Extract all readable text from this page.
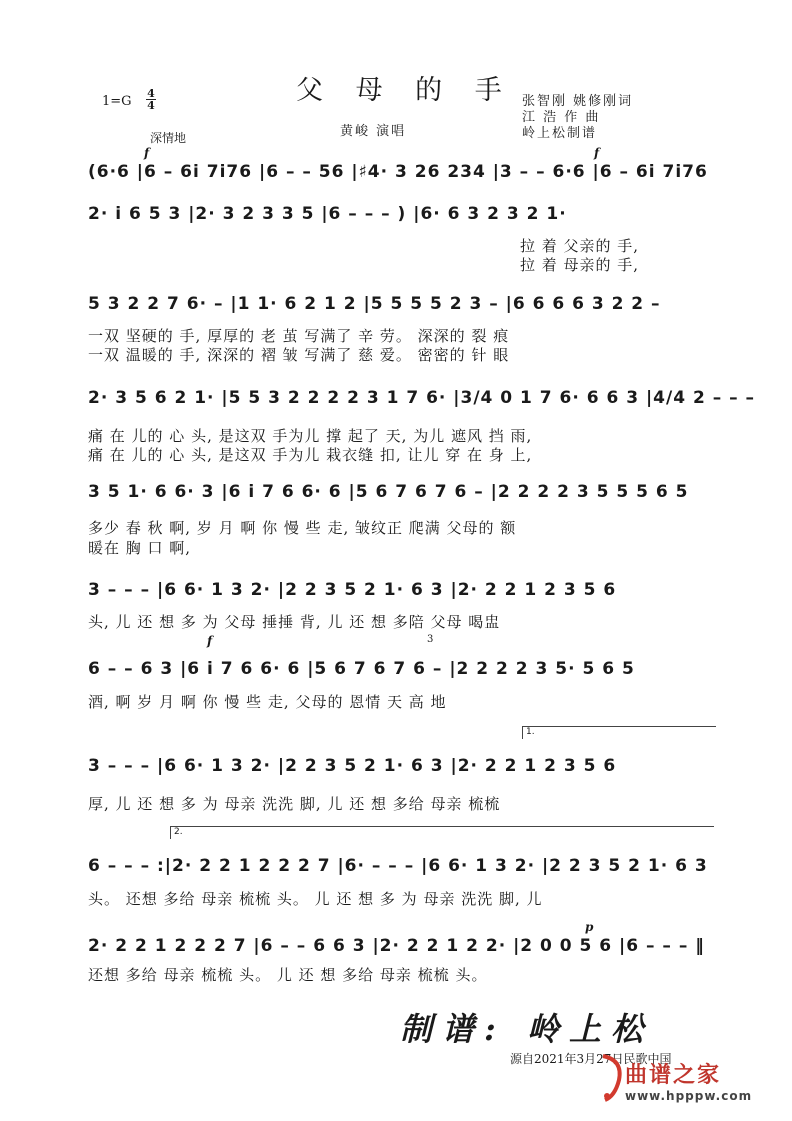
父 母 的 手
1=G
4
4	张智刚 姚修刚词
江 浩 作 曲
岭上松制谱
黄峻 演唱
深情地
(6·6 |6 – 6i 7i76 |6 – – 56 |♯4· 3 26 234 |3 – – 6·6 |6 – 6i 7i76
f	f
2· i 6 5 3 |2· 3 2 3 3 5 |6 – – – ) |6· 6 3 2 3 2 1·
拉 着 父亲的 手,
拉 着 母亲的 手,
5 3 2 2 7 6· – |1 1· 6 2 1 2 |5 5 5 5 2 3 – |6 6 6 6 3 2 2 –
一双 坚硬的 手, 厚厚的 老 茧 写满了 辛 劳。 深深的 裂 痕
一双 温暖的 手, 深深的 褶 皱 写满了 慈 爱。 密密的 针 眼
2· 3 5 6 2 1· |5 5 3 2 2 2 2 3 1 7 6· |3/4 0 1 7 6· 6 6 3 |4/4 2 – – –
痛 在 儿的 心 头, 是这双 手为儿 撑 起了 天, 为儿 遮风 挡 雨,
痛 在 儿的 心 头, 是这双 手为儿 栽衣缝 扣, 让儿 穿 在 身 上,
3 5 1· 6 6· 3 |6 i 7 6 6· 6 |5 6 7 6 7 6 – |2 2 2 2 3 5 5 5 6 5
多少 春 秋 啊, 岁 月 啊 你 慢 些 走, 皱纹正 爬满 父母的 额
暖在 胸 口 啊,
3 – – – |6 6· 1 3 2· |2 2 3 5 2 1· 6 3 |2· 2 2 1 2 3 5 6
头, 儿 还 想 多 为 父母 捶捶 背, 儿 还 想 多陪 父母 喝盅
6 – – 6 3 |6 i 7 6 6· 6 |5 6 7 6 7 6 – |2 2 2 2 3 5· 5 6 5
f	3
酒, 啊 岁 月 啊 你 慢 些 走, 父母的 恩情 天 高 地
1.
3 – – – |6 6· 1 3 2· |2 2 3 5 2 1· 6 3 |2· 2 2 1 2 3 5 6
厚, 儿 还 想 多 为 母亲 洗洗 脚, 儿 还 想 多给 母亲 梳梳
2.
6 – – – :|2· 2 2 1 2 2 2 7 |6· – – – |6 6· 1 3 2· |2 2 3 5 2 1· 6 3
头。 还想 多给 母亲 梳梳 头。 儿 还 想 多 为 母亲 洗洗 脚, 儿
2· 2 2 1 2 2 2 7 |6 – – 6 6 3 |2· 2 2 1 2 2· |2 0 0 5 6 |6 – – – ‖
p
还想 多给 母亲 梳梳 头。 儿 还 想 多给 母亲 梳梳 头。
制谱: 岭上松
源自2021年3月27日民歌中国
曲谱之家
www.hpppw.com
